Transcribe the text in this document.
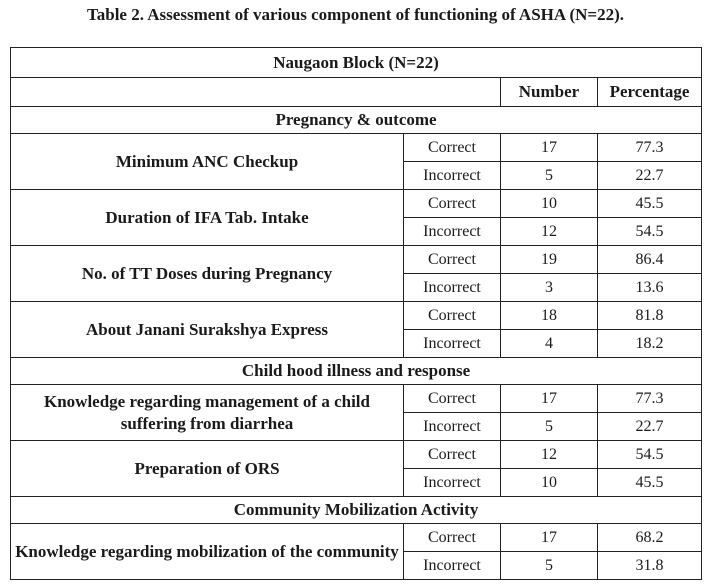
Table 2. Assessment of various component of functioning of ASHA (N=22).
Naugaon Block (N=22)			
		Number	Percentage
Pregnancy & outcome			
Minimum ANC Checkup	Correct	17	77.3
	Incorrect	5	22.7
Duration of IFA Tab. Intake	Correct	10	45.5
	Incorrect	12	54.5
No. of TT Doses during Pregnancy	Correct	19	86.4
	Incorrect	3	13.6
About Janani Surakshya Express	Correct	18	81.8
	Incorrect	4	18.2
Child hood illness and response			
Knowledge regarding management of a child suffering from diarrhea	Correct	17	77.3
	Incorrect	5	22.7
Preparation of ORS	Correct	12	54.5
	Incorrect	10	45.5
Community Mobilization Activity			
Knowledge regarding mobilization of the community	Correct	17	68.2
	Incorrect	5	31.8
